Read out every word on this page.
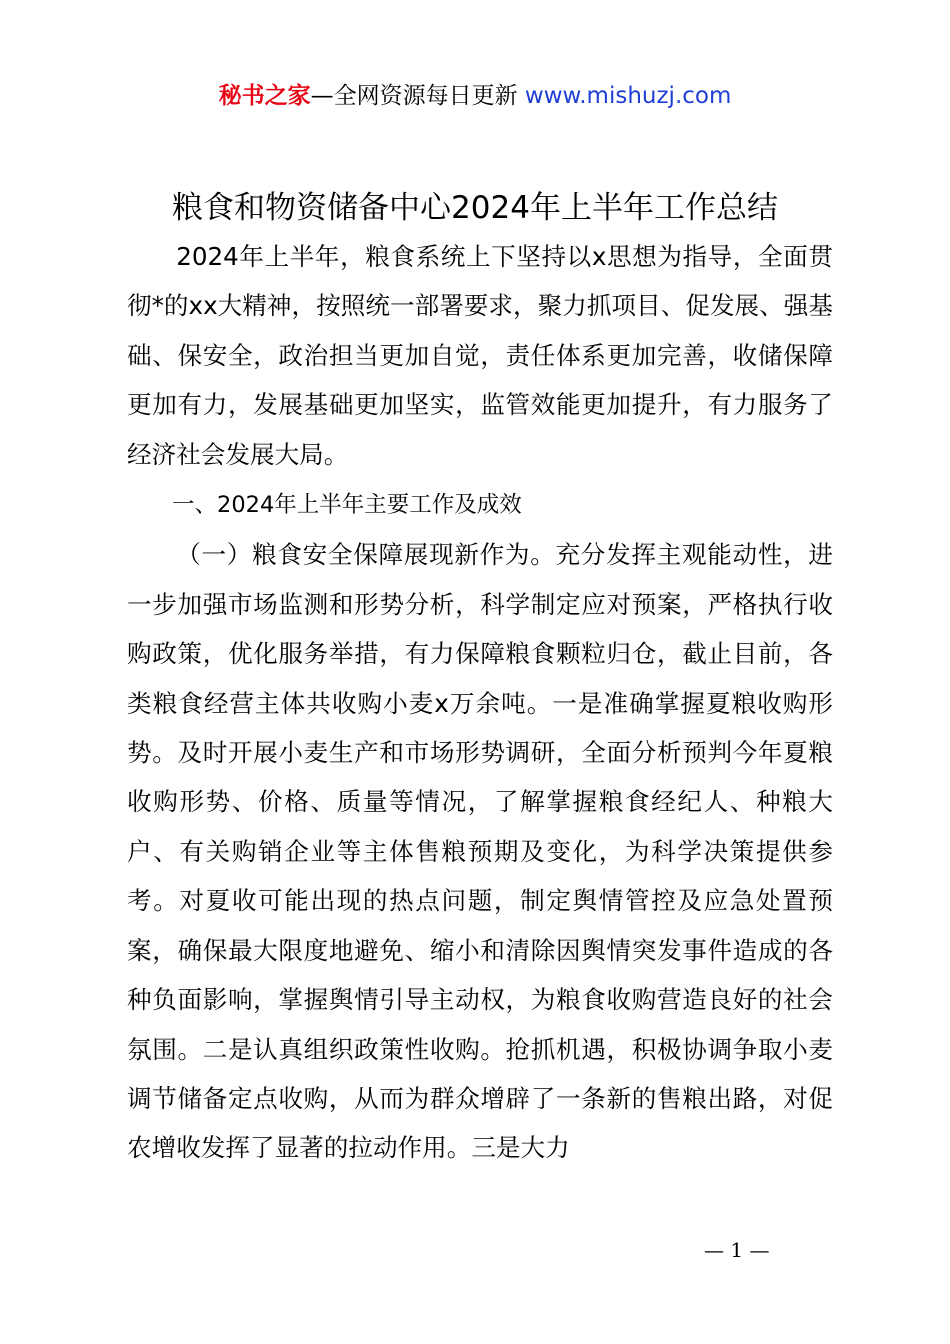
秘书之家—全网资源每日更新 www.mishuzj.com
粮食和物资储备中心2024年上半年工作总结

2024年上半年，粮食系统上下坚持以x思想为指导，全面贯彻*的xx大精神，按照统一部署要求，聚力抓项目、促发展、强基础、保安全，政治担当更加自觉，责任体系更加完善，收储保障更加有力，发展基础更加坚实，监管效能更加提升，有力服务了经济社会发展大局。

一、2024年上半年主要工作及成效

（一）粮食安全保障展现新作为。充分发挥主观能动性，进一步加强市场监测和形势分析，科学制定应对预案，严格执行收购政策，优化服务举措，有力保障粮食颗粒归仓，截止目前，各类粮食经营主体共收购小麦x万余吨。一是准确掌握夏粮收购形势。及时开展小麦生产和市场形势调研，全面分析预判今年夏粮收购形势、价格、质量等情况，了解掌握粮食经纪人、种粮大户、有关购销企业等主体售粮预期及变化，为科学决策提供参考。对夏收可能出现的热点问题，制定舆情管控及应急处置预案，确保最大限度地避免、缩小和清除因舆情突发事件造成的各种负面影响，掌握舆情引导主动权，为粮食收购营造良好的社会氛围。二是认真组织政策性收购。抢抓机遇，积极协调争取小麦调节储备定点收购，从而为群众增辟了一条新的售粮出路，对促农增收发挥了显著的拉动作用。三是大力

— 1 —
